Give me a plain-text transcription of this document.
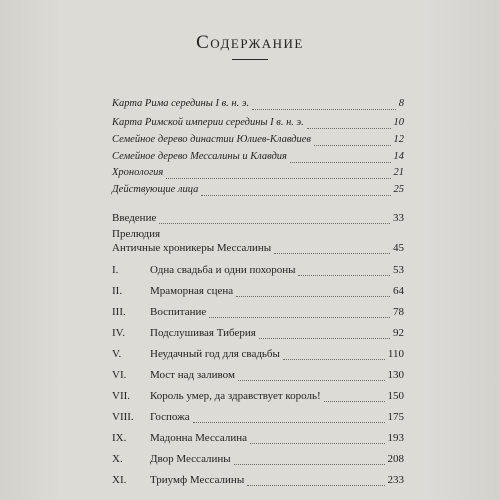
Содержание
Карта Рима середины I в. н. э.	8
Карта Римской империи середины I в. н. э.	10
Семейное дерево династии Юлиев-Клавдиев	12
Семейное дерево Мессалины и Клавдия	14
Хронология	21
Действующие лица	25
Введение	33
Прелюдия
Античные хроникеры Мессалины	45
I.	Одна свадьба и одни похороны	53
II.	Мраморная сцена	64
III.	Воспитание	78
IV.	Подслушивая Тиберия	92
V.	Неудачный год для свадьбы	110
VI.	Мост над заливом	130
VII.	Король умер, да здравствует король!	150
VIII.	Госпожа	175
IX.	Мадонна Мессалина	193
X.	Двор Мессалины	208
XI.	Триумф Мессалины	233
